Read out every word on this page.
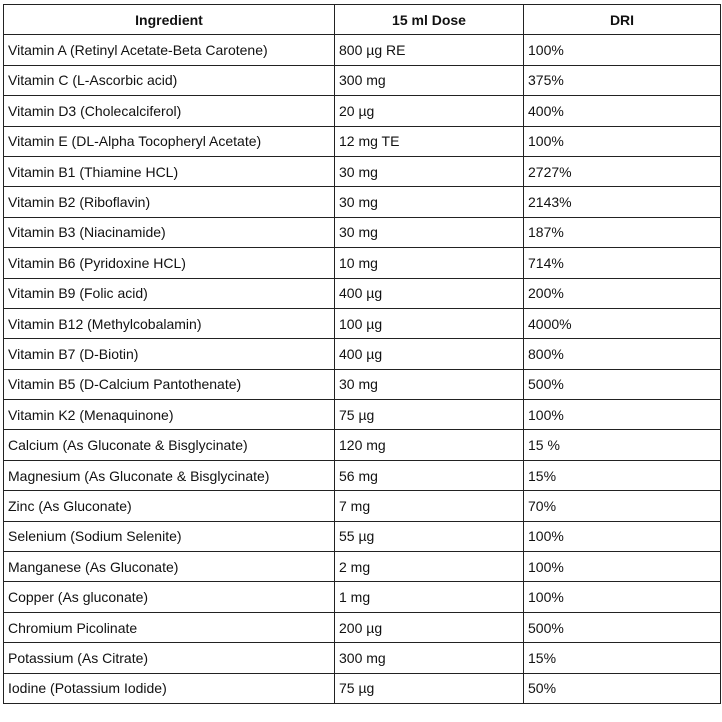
Ingredient	15 ml Dose	DRI
Vitamin A (Retinyl Acetate-Beta Carotene)	800 µg RE	100%
Vitamin C (L-Ascorbic acid)	300 mg	375%
Vitamin D3 (Cholecalciferol)	20 µg	400%
Vitamin E (DL-Alpha Tocopheryl Acetate)	12 mg TE	100%
Vitamin B1 (Thiamine HCL)	30 mg	2727%
Vitamin B2 (Riboflavin)	30 mg	2143%
Vitamin B3 (Niacinamide)	30 mg	187%
Vitamin B6 (Pyridoxine HCL)	10 mg	714%
Vitamin B9 (Folic acid)	400 µg	200%
Vitamin B12 (Methylcobalamin)	100 µg	4000%
Vitamin B7 (D-Biotin)	400 µg	800%
Vitamin B5 (D-Calcium Pantothenate)	30 mg	500%
Vitamin K2 (Menaquinone)	75 µg	100%
Calcium (As Gluconate & Bisglycinate)	120 mg	15 %
Magnesium (As Gluconate & Bisglycinate)	56 mg	15%
Zinc (As Gluconate)	7 mg	70%
Selenium (Sodium Selenite)	55 µg	100%
Manganese (As Gluconate)	2 mg	100%
Copper (As gluconate)	1 mg	100%
Chromium Picolinate	200 µg	500%
Potassium (As Citrate)	300 mg	15%
Iodine (Potassium Iodide)	75 µg	50%
